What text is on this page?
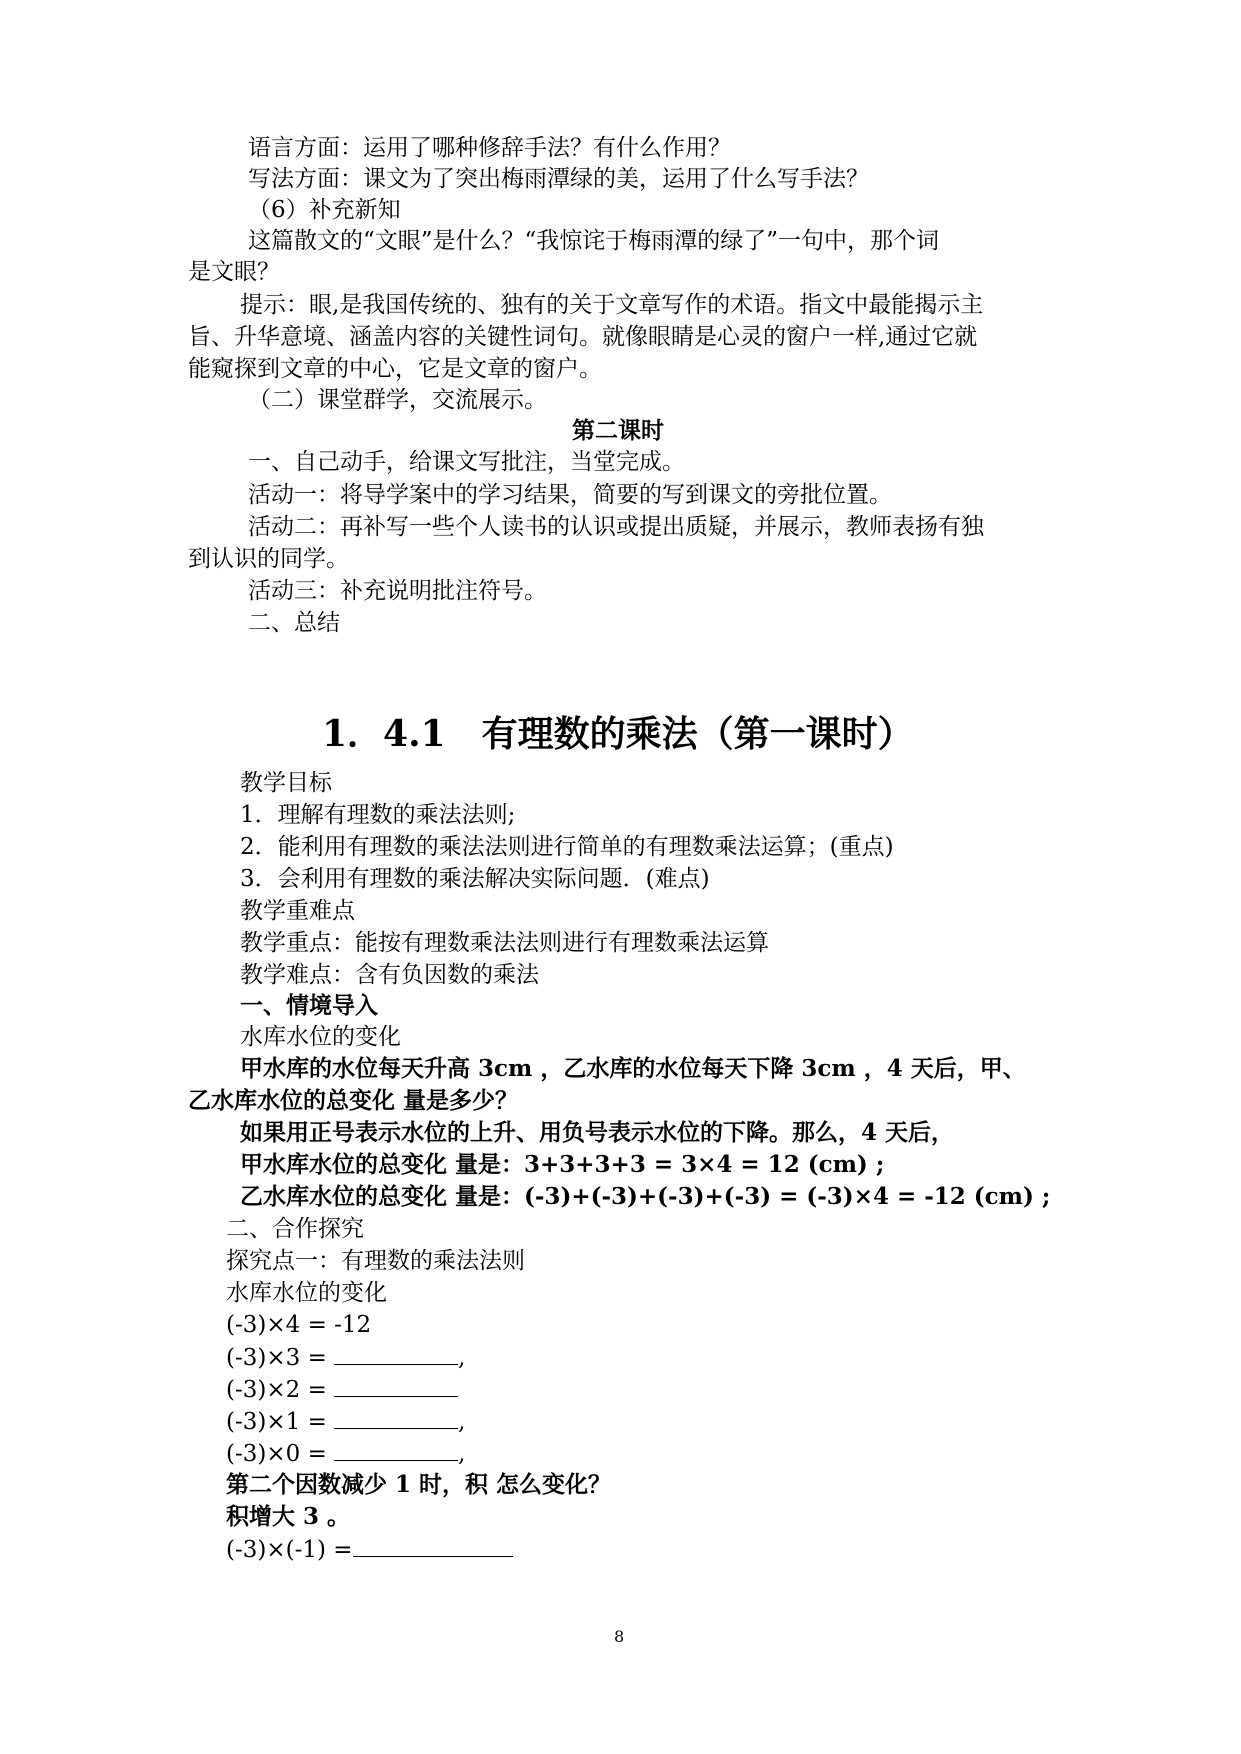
语言方面：运用了哪种修辞手法？有什么作用？
写法方面：课文为了突出梅雨潭绿的美，运用了什么写手法？
（6）补充新知
这篇散文的“文眼”是什么？“我惊诧于梅雨潭的绿了”一句中，那个词
是文眼？
提示：眼,是我国传统的、独有的关于文章写作的术语。指文中最能揭示主
旨、升华意境、涵盖内容的关键性词句。就像眼睛是心灵的窗户一样,通过它就
能窥探到文章的中心，它是文章的窗户。
（二）课堂群学，交流展示。
第二课时
一、自己动手，给课文写批注，当堂完成。
活动一：将导学案中的学习结果，简要的写到课文的旁批位置。
活动二：再补写一些个人读书的认识或提出质疑，并展示，教师表扬有独
到认识的同学。
活动三：补充说明批注符号。
二、总结
1．4.1　有理数的乘法（第一课时）
教学目标
1．理解有理数的乘法法则;
2．能利用有理数的乘法法则进行简单的有理数乘法运算；(重点)
3．会利用有理数的乘法解决实际问题．(难点)
教学重难点
教学重点：能按有理数乘法法则进行有理数乘法运算
教学难点：含有负因数的乘法
一、情境导入
水库水位的变化
甲水库的水位每天升高 3cm ，乙水库的水位每天下降 3cm ，4 天后，甲、
乙水库水位的总变化 量是多少？
如果用正号表示水位的上升、用负号表示水位的下降。那么，4 天后，
甲水库水位的总变化 量是：3+3+3+3 = 3×4 = 12 (cm) ;
乙水库水位的总变化 量是：(-3)+(-3)+(-3)+(-3) = (-3)×4 = -12 (cm) ;
二、合作探究
探究点一：有理数的乘法法则
水库水位的变化
(-3)×4 = -12
(-3)×3 =	,
(-3)×2 =
(-3)×1 =	,
(-3)×0 =	,
第二个因数减少 1 时，积 怎么变化？
积增大 3 。
(-3)×(-1) =
8
